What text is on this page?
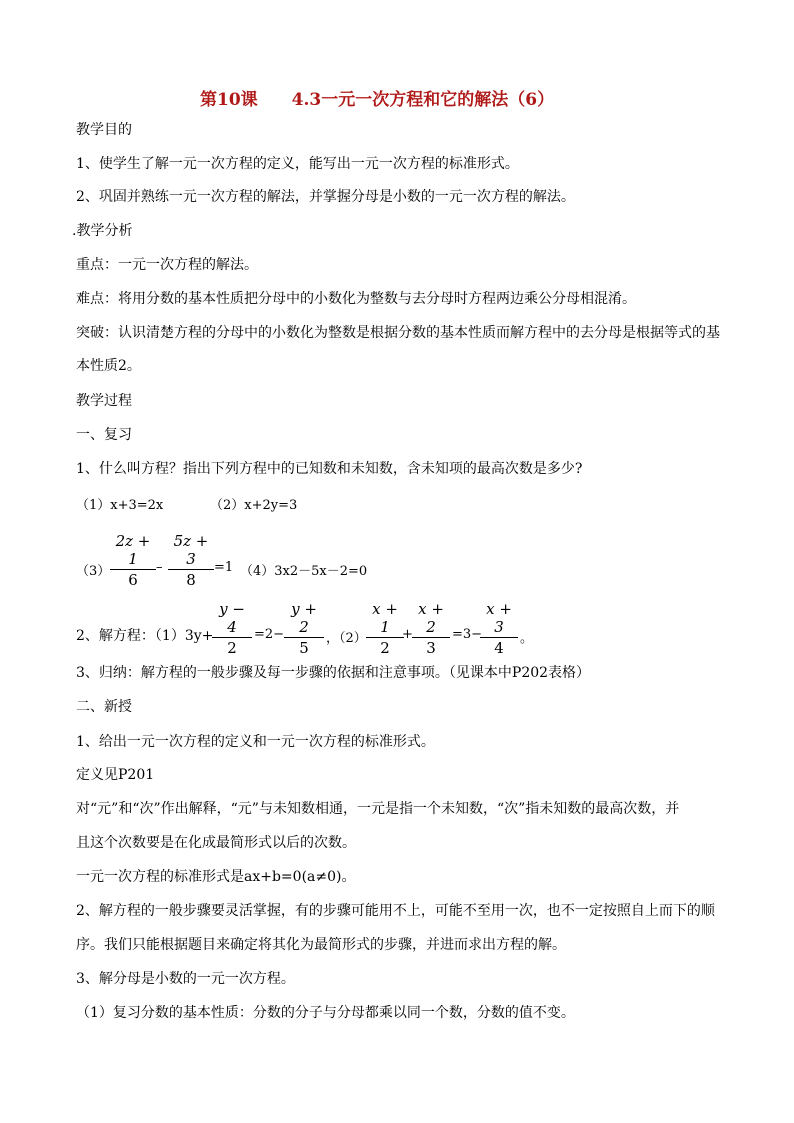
第10课 4.3一元一次方程和它的解法（6）
教学目的
1、使学生了解一元一次方程的定义，能写出一元一次方程的标准形式。
2、巩固并熟练一元一次方程的解法，并掌握分母是小数的一元一次方程的解法。
.教学分析
重点：一元一次方程的解法。
难点：将用分数的基本性质把分母中的小数化为整数与去分母时方程两边乘公分母相混淆。
突破：认识清楚方程的分母中的小数化为整数是根据分数的基本性质而解方程中的去分母是根据等式的基
本性质2。
教学过程
一、复习
1、什么叫方程？指出下列方程中的已知数和未知数，含未知项的最高次数是多少?
（1）x+3=2x	（2）x+2y=3
$(3) \frac{2z + 1}{6} - \frac{5z + 3}{8} =1$ （4）3x2－5x－2=0
2、解方程：（1）3y+
$\frac{y - 4}{2} =2- \frac{y + 2}{5}$ ，$(2) \frac{x + 1}{2}$
+ $\frac{x + 2}{3} =3-$
$\frac{x + 3}{4}$ 。
3、归纳：解方程的一般步骤及每一步骤的依据和注意事项。（见课本中P202表格）
二、新授
1、给出一元一次方程的定义和一元一次方程的标准形式。
定义见P201
对“元”和“次”作出解释，“元”与未知数相通，一元是指一个未知数，“次”指未知数的最高次数，并
且这个次数要是在化成最简形式以后的次数。
一元一次方程的标准形式是ax+b=0(a≠0)。
2、解方程的一般步骤要灵活掌握，有的步骤可能用不上，可能不至用一次，也不一定按照自上而下的顺
序。我们只能根据题目来确定将其化为最简形式的步骤，并进而求出方程的解。
3、解分母是小数的一元一次方程。
（1）复习分数的基本性质：分数的分子与分母都乘以同一个数，分数的值不变。
